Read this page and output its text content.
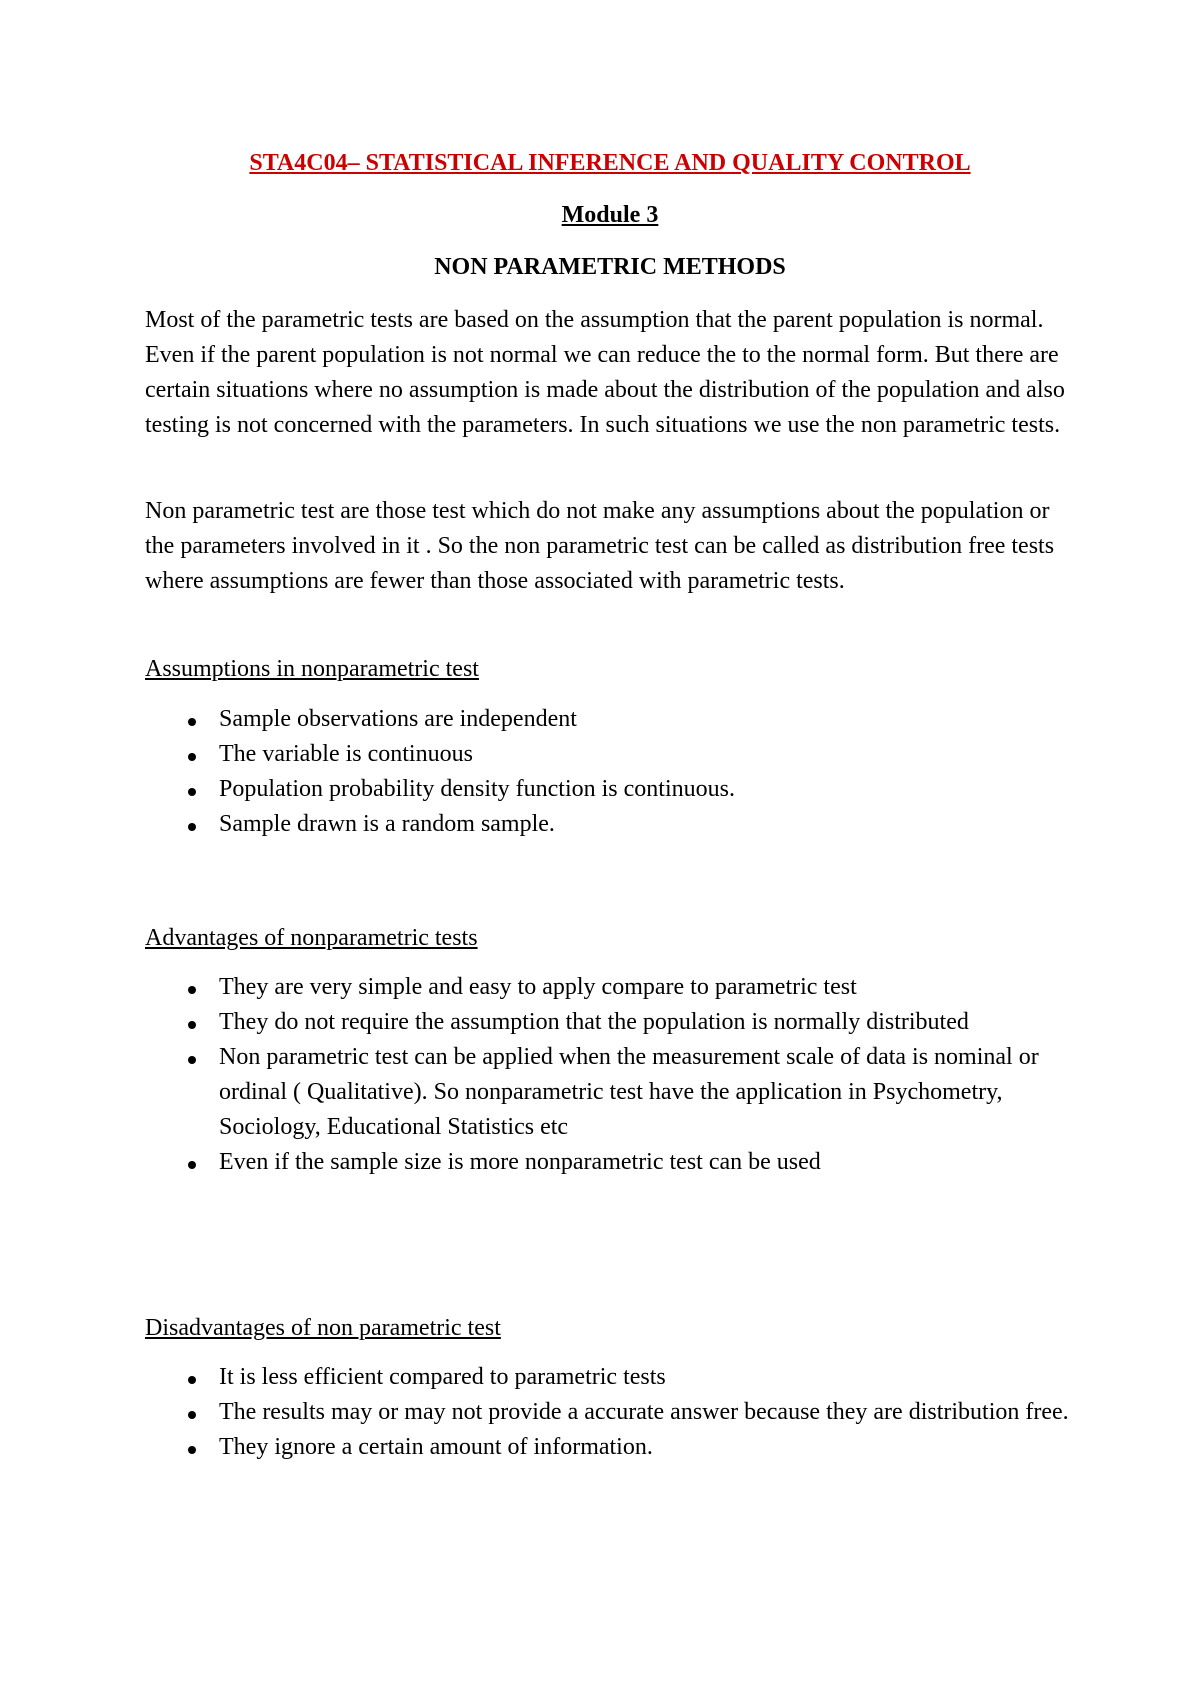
STA4C04– STATISTICAL INFERENCE AND QUALITY CONTROL
Module 3
NON PARAMETRIC METHODS

Most of the parametric tests are based on the assumption that the parent population is normal. Even if the parent population is not normal we can reduce the to the normal form. But there are certain situations where no assumption is made about the distribution of the population and also testing is not concerned with the parameters. In such situations we use the non parametric tests.

Non parametric test are those test which do not make any assumptions about the population or the parameters involved in it . So the non parametric test can be called as distribution free tests where assumptions are fewer than those associated with parametric tests.

Assumptions in nonparametric test
Sample observations are independent
The variable is continuous
Population probability density function is continuous.
Sample drawn is a random sample.
Advantages of nonparametric tests
They are very simple and easy to apply compare to parametric test
They do not require the assumption that the population is normally distributed
Non parametric test can be applied when the measurement scale of data is nominal or ordinal ( Qualitative). So nonparametric test have the application in Psychometry, Sociology, Educational Statistics etc
Even if the sample size is more nonparametric test can be used
Disadvantages of non parametric test
It is less efficient compared to parametric tests
The results may or may not provide a accurate answer because they are distribution free.
They ignore a certain amount of information.
